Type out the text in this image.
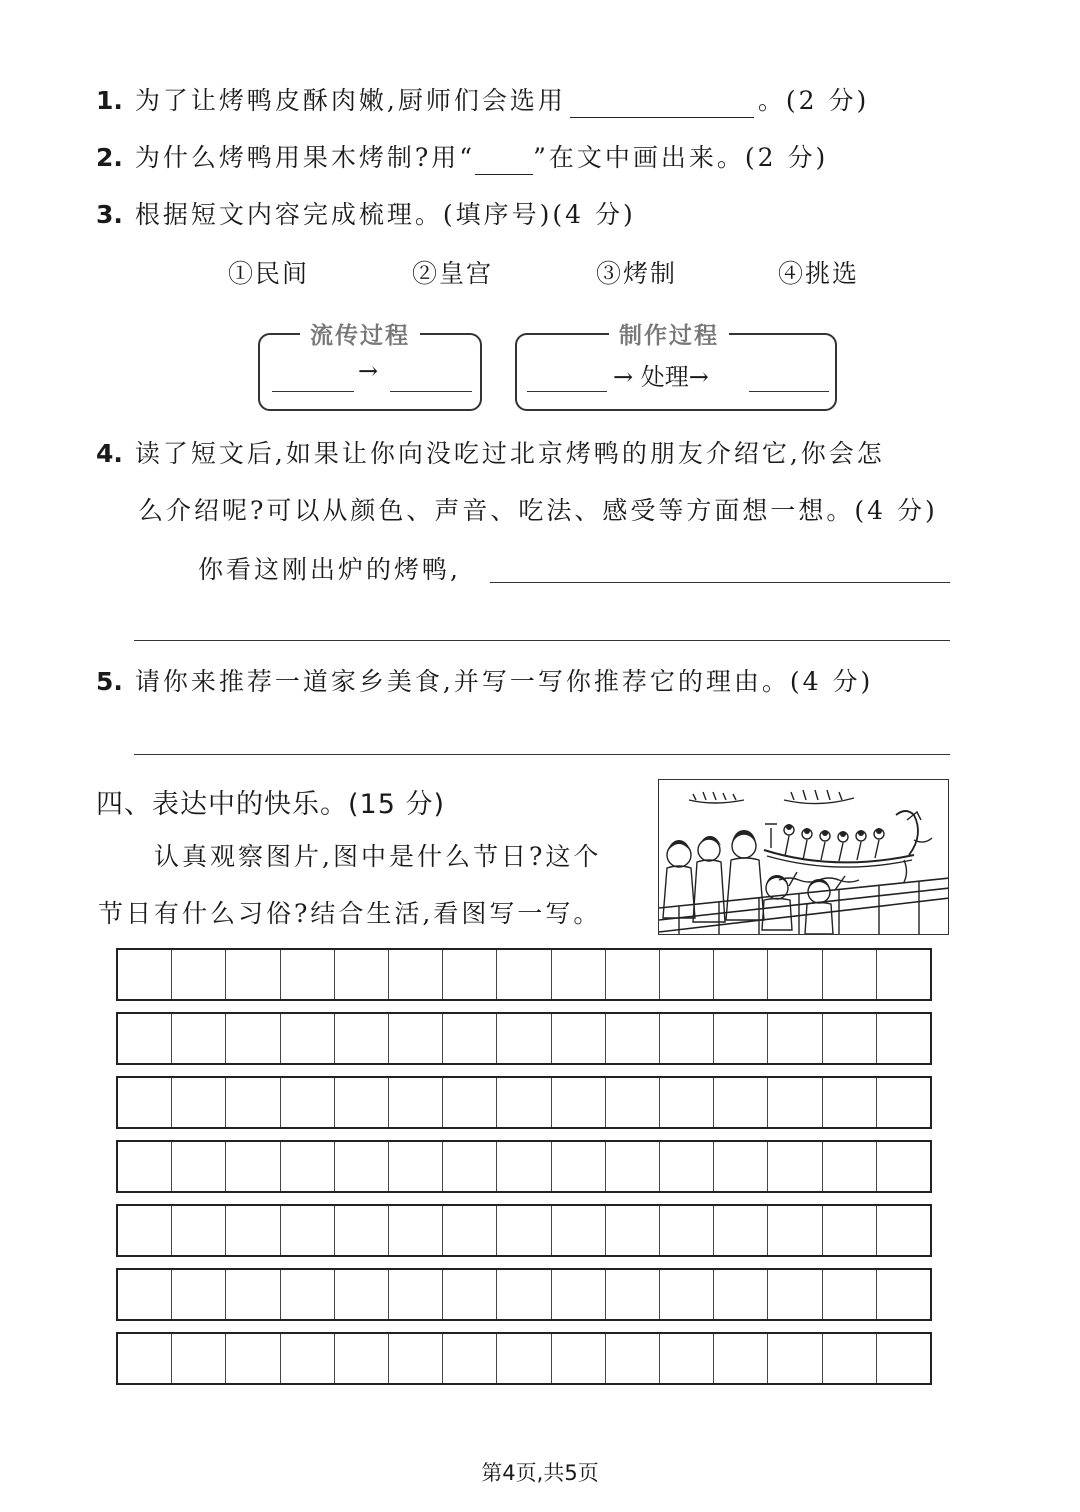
1. 为了让烤鸭皮酥肉嫩,厨师们会选用	。(2 分)
2. 为什么烤鸭用果木烤制?用“ ”在文中画出来。(2 分)
3. 根据短文内容完成梳理。(填序号)(4 分)
①民间	②皇宫	③烤制	④挑选
流传过程
→
制作过程
→ 处理→
4. 读了短文后,如果让你向没吃过北京烤鸭的朋友介绍它,你会怎
么介绍呢?可以从颜色、声音、吃法、感受等方面想一想。(4 分)
你看这刚出炉的烤鸭,
5. 请你来推荐一道家乡美食,并写一写你推荐它的理由。(4 分)
四、表达中的快乐。(15 分)
认真观察图片,图中是什么节日?这个
节日有什么习俗?结合生活,看图写一写。
第4页,共5页
